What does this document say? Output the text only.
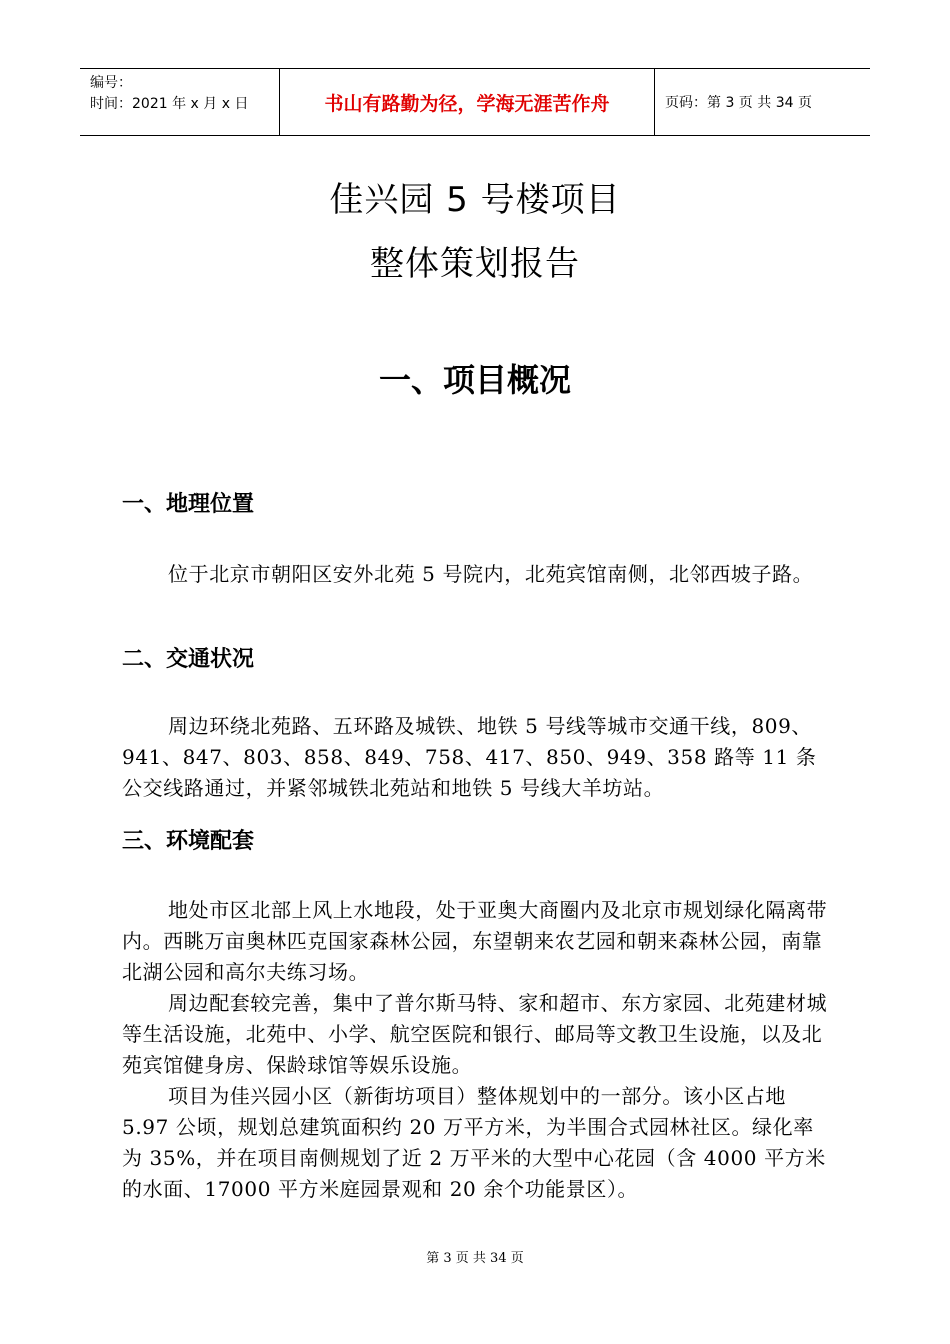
编号：
时间：2021 年 x 月 x 日	书山有路勤为径，学海无涯苦作舟	页码：第 3 页 共 34 页
佳兴园 5 号楼项目
整体策划报告
一、项目概况
一、地理位置

位于北京市朝阳区安外北苑 5 号院内，北苑宾馆南侧，北邻西坡子路。

二、交通状况

周边环绕北苑路、五环路及城铁、地铁 5 号线等城市交通干线，809、941、847、803、858、849、758、417、850、949、358 路等 11 条公交线路通过，并紧邻城铁北苑站和地铁 5 号线大羊坊站。

三、环境配套

地处市区北部上风上水地段，处于亚奥大商圈内及北京市规划绿化隔离带内。西眺万亩奥林匹克国家森林公园，东望朝来农艺园和朝来森林公园，南靠北湖公园和高尔夫练习场。

周边配套较完善，集中了普尔斯马特、家和超市、东方家园、北苑建材城等生活设施，北苑中、小学、航空医院和银行、邮局等文教卫生设施，以及北苑宾馆健身房、保龄球馆等娱乐设施。

项目为佳兴园小区（新街坊项目）整体规划中的一部分。该小区占地 5.97 公顷，规划总建筑面积约 20 万平方米，为半围合式园林社区。绿化率为 35%，并在项目南侧规划了近 2 万平米的大型中心花园（含 4000 平方米的水面、17000 平方米庭园景观和 20 余个功能景区）。

第 3 页 共 34 页
